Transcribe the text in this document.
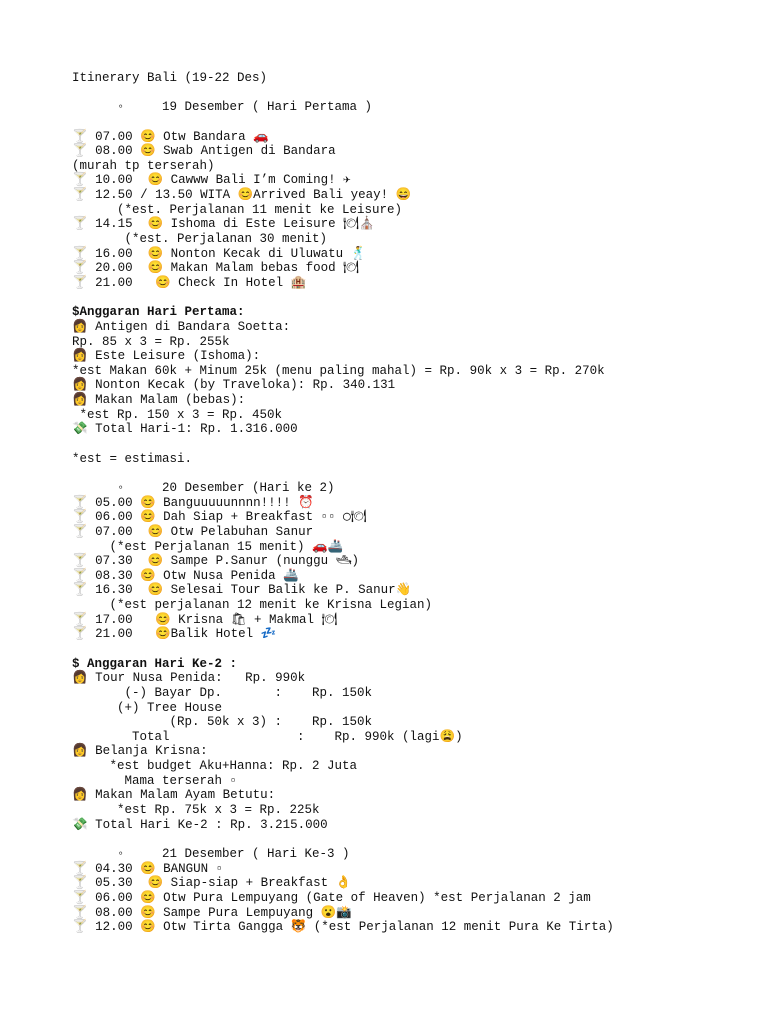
Itinerary Bali (19-22 Des)
◦     19 Desember ( Hari Pertama )
🍸 07.00 😊 Otw Bandara 🚗
🍸 08.00 😊 Swab Antigen di Bandara
(murah tp terserah)
🍸 10.00  😊 Cawww Bali I’m Coming! ✈
🍸 12.50 / 13.50 WITA 😊Arrived Bali yeay! 😄
(*est. Perjalanan 11 menit ke Leisure)
🍸 14.15  😊 Ishoma di Este Leisure 🍽⛪
(*est. Perjalanan 30 menit)
🍸 16.00  😊 Nonton Kecak di Uluwatu 🕺
🍸 20.00  😊 Makan Malam bebas food 🍽
🍸 21.00   😊 Check In Hotel 🏨
$Anggaran Hari Pertama:
👩 Antigen di Bandara Soetta:
Rp. 85 x 3 = Rp. 255k
👩 Este Leisure (Ishoma):
*est Makan 60k + Minum 25k (menu paling mahal) = Rp. 90k x 3 = Rp. 270k
👩 Nonton Kecak (by Traveloka): Rp. 340.131
👩 Makan Malam (bebas):
*est Rp. 150 x 3 = Rp. 450k
💸 Total Hari-1: Rp. 1.316.000
*est = estimasi.
◦     20 Desember (Hari ke 2)
🍸 05.00 😊 Banguuuuunnnn!!!! ⏰
🍸 06.00 😊 Dah Siap + Breakfast ▫▫ ◯🍽
🍸 07.00  😊 Otw Pelabuhan Sanur
(*est Perjalanan 15 menit) 🚗🚢
🍸 07.30  😊 Sampe P.Sanur (nunggu 🛥)
🍸 08.30 😊 Otw Nusa Penida 🚢
🍸 16.30  😊 Selesai Tour Balik ke P. Sanur👋
(*est perjalanan 12 menit ke Krisna Legian)
🍸 17.00   😊 Krisna 🛍 + Makmal 🍽
🍸 21.00   😊Balik Hotel 💤
$ Anggaran Hari Ke-2 :
👩 Tour Nusa Penida:   Rp. 990k
(-) Bayar Dp.       :    Rp. 150k
(+) Tree House
(Rp. 50k x 3) :    Rp. 150k
Total                 :    Rp. 990k (lagi😩)
👩 Belanja Krisna:
*est budget Aku+Hanna: Rp. 2 Juta
Mama terserah ▫
👩 Makan Malam Ayam Betutu:
*est Rp. 75k x 3 = Rp. 225k
💸 Total Hari Ke-2 : Rp. 3.215.000
◦     21 Desember ( Hari Ke-3 )
🍸 04.30 😊 BANGUN ▫
🍸 05.30  😊 Siap-siap + Breakfast 👌
🍸 06.00 😊 Otw Pura Lempuyang (Gate of Heaven) *est Perjalanan 2 jam
🍸 08.00 😊 Sampe Pura Lempuyang 😮📸
🍸 12.00 😊 Otw Tirta Gangga 🐯 (*est Perjalanan 12 menit Pura Ke Tirta)
